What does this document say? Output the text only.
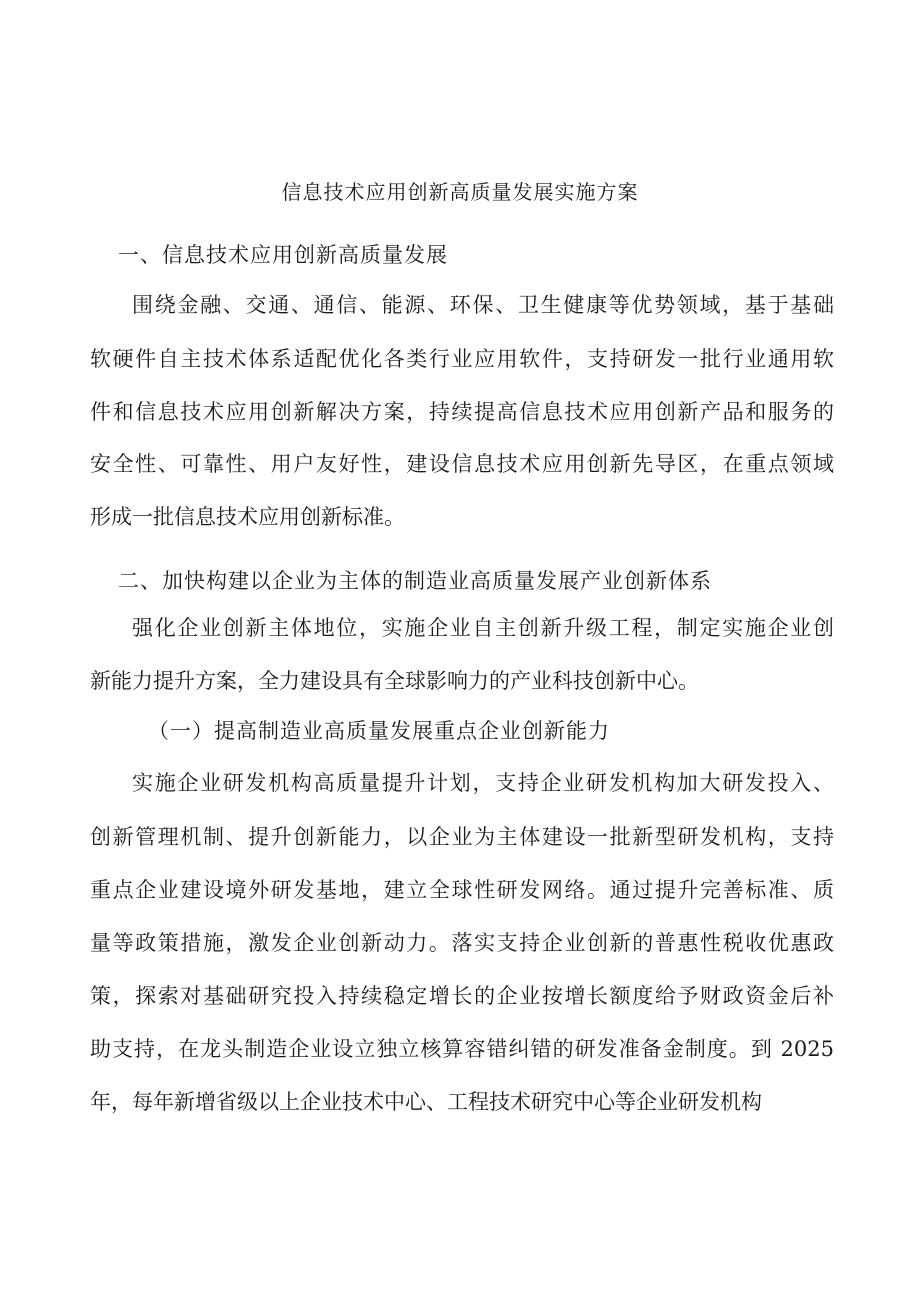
信息技术应用创新高质量发展实施方案
一、信息技术应用创新高质量发展
围绕金融、交通、通信、能源、环保、卫生健康等优势领域，基于基础
软硬件自主技术体系适配优化各类行业应用软件，支持研发一批行业通用软
件和信息技术应用创新解决方案，持续提高信息技术应用创新产品和服务的
安全性、可靠性、用户友好性，建设信息技术应用创新先导区，在重点领域
形成一批信息技术应用创新标准。
二、加快构建以企业为主体的制造业高质量发展产业创新体系
强化企业创新主体地位，实施企业自主创新升级工程，制定实施企业创
新能力提升方案，全力建设具有全球影响力的产业科技创新中心。
（一）提高制造业高质量发展重点企业创新能力
实施企业研发机构高质量提升计划，支持企业研发机构加大研发投入、
创新管理机制、提升创新能力，以企业为主体建设一批新型研发机构，支持
重点企业建设境外研发基地，建立全球性研发网络。通过提升完善标准、质
量等政策措施，激发企业创新动力。落实支持企业创新的普惠性税收优惠政
策，探索对基础研究投入持续稳定增长的企业按增长额度给予财政资金后补
助支持，在龙头制造企业设立独立核算容错纠错的研发准备金制度。到 2025
年，每年新增省级以上企业技术中心、工程技术研究中心等企业研发机构
